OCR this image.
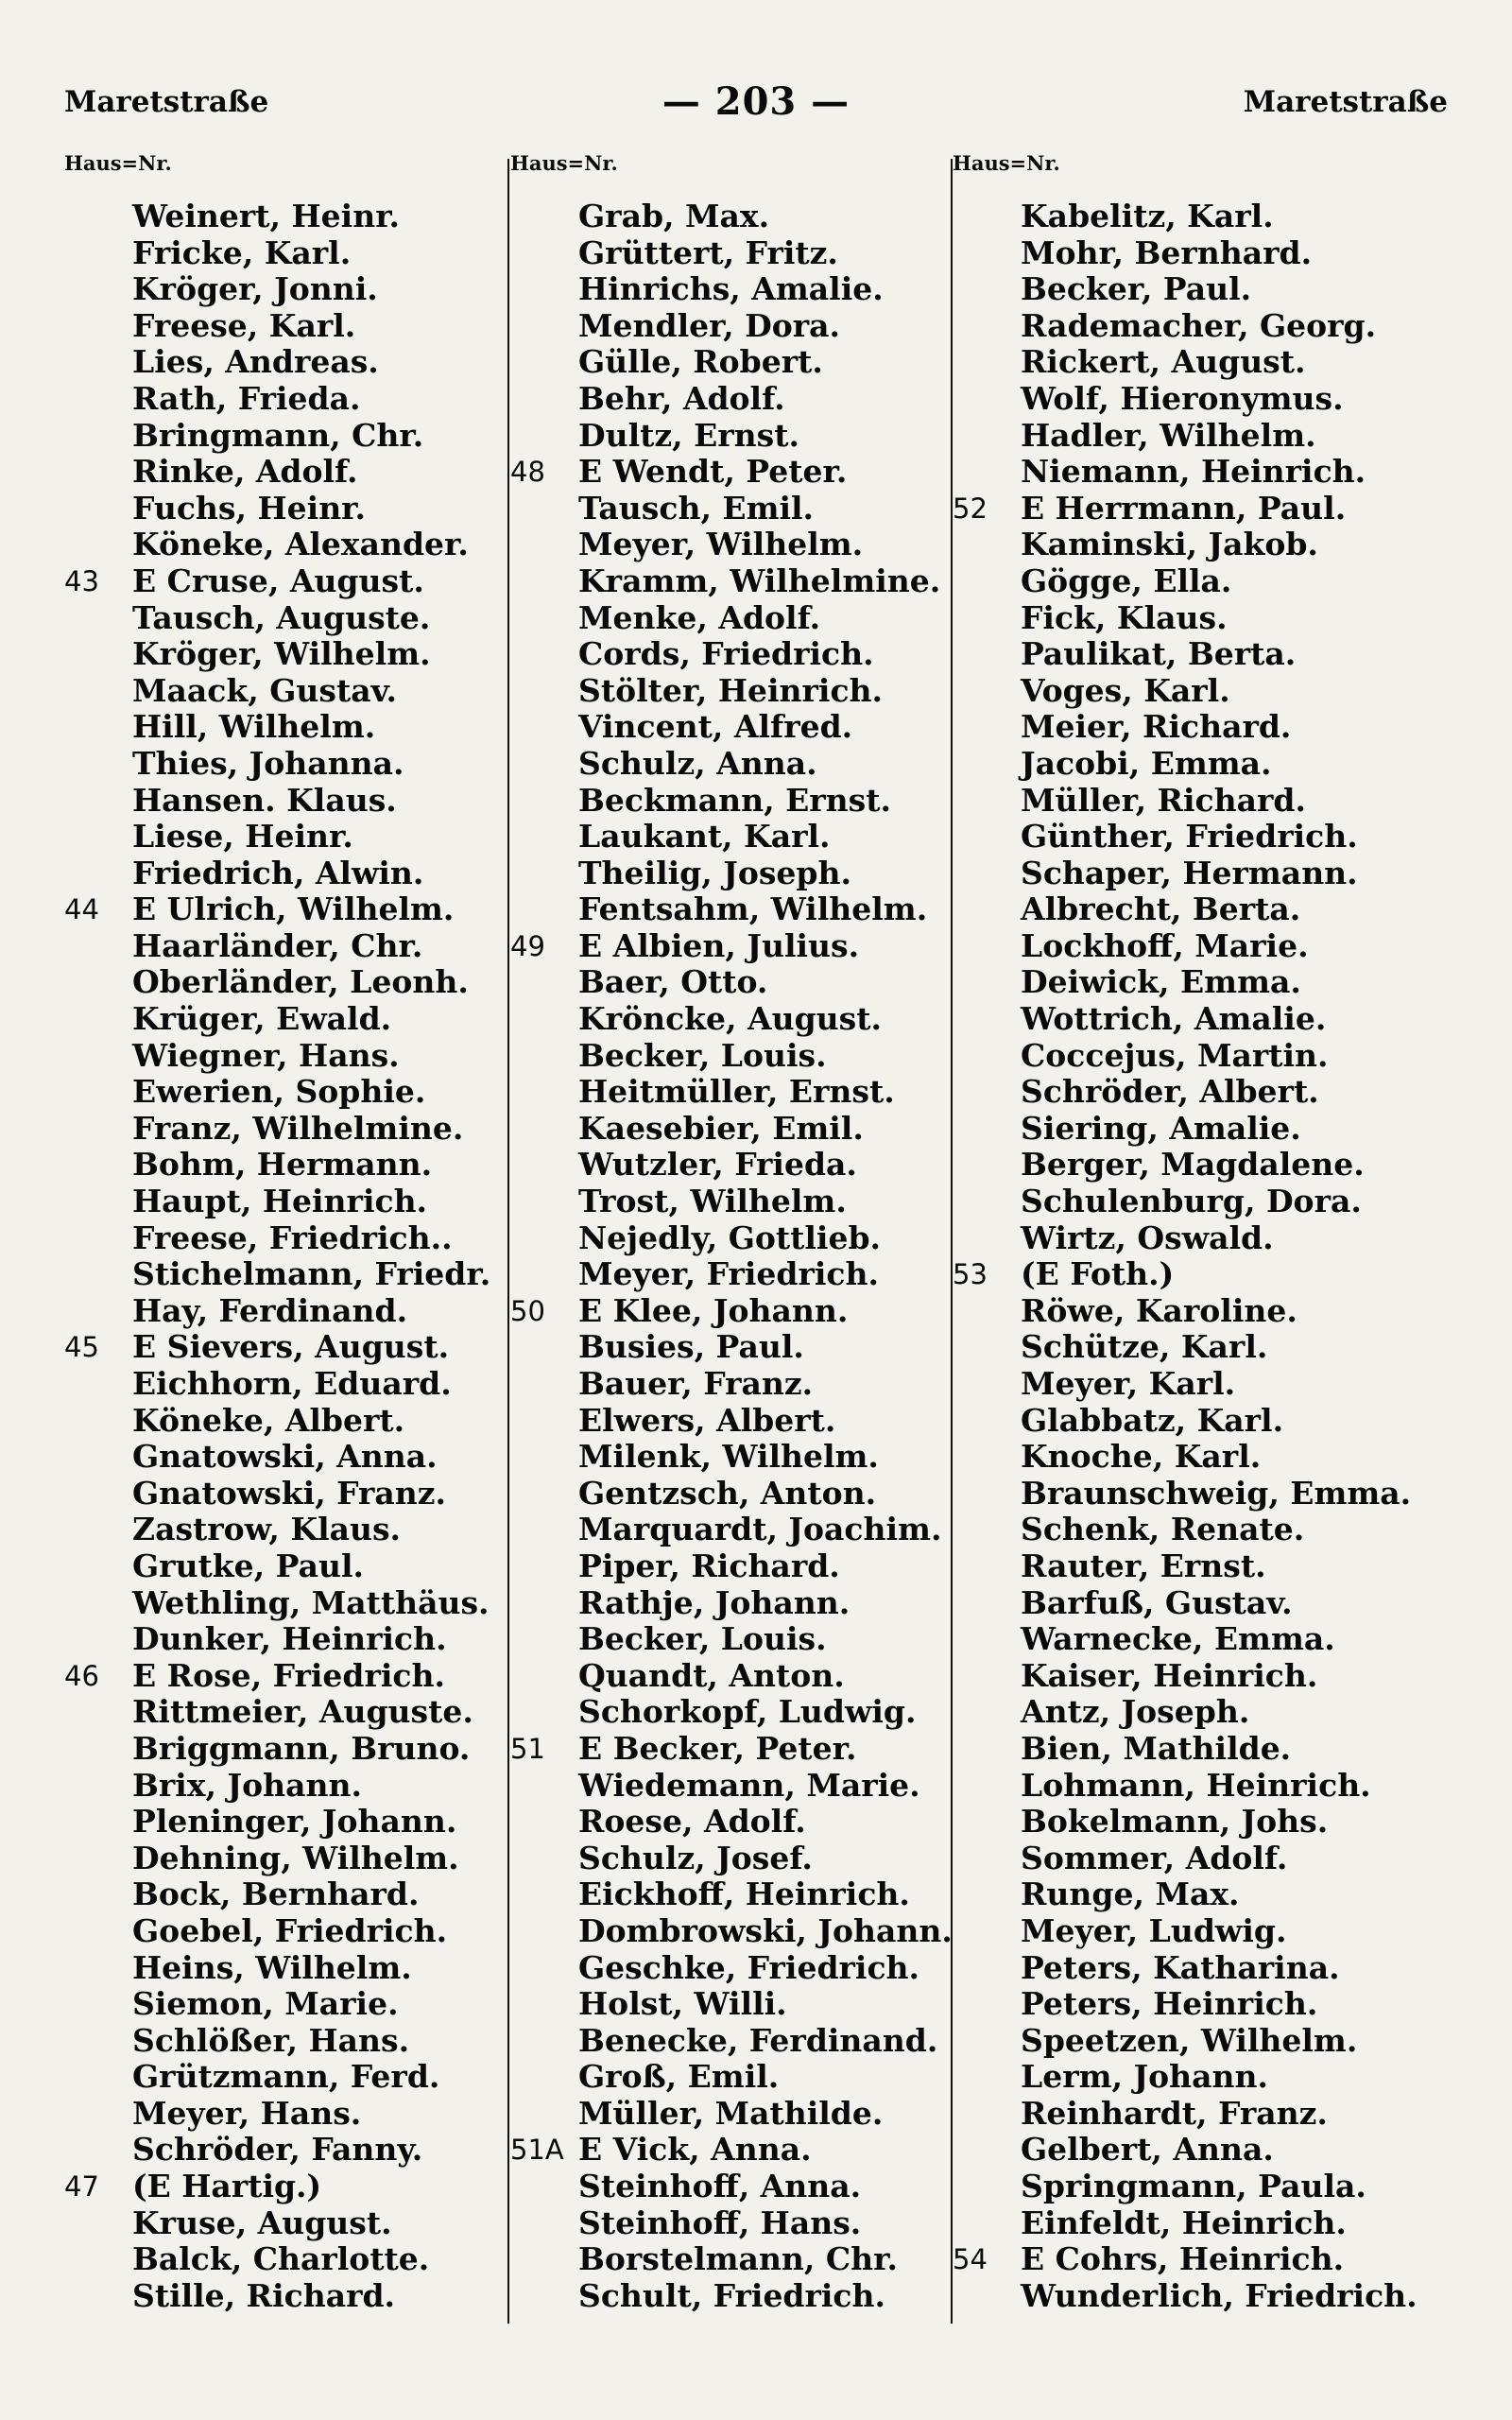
Maretstraße	— 203 —	Maretstraße
Haus=Nr.
Weinert, Heinr.
Fricke, Karl.
Kröger, Jonni.
Freese, Karl.
Lies, Andreas.
Rath, Frieda.
Bringmann, Chr.
Rinke, Adolf.
Fuchs, Heinr.
Köneke, Alexander.
43	E Cruse, August.
Tausch, Auguste.
Kröger, Wilhelm.
Maack, Gustav.
Hill, Wilhelm.
Thies, Johanna.
Hansen. Klaus.
Liese, Heinr.
Friedrich, Alwin.
44	E Ulrich, Wilhelm.
Haarländer, Chr.
Oberländer, Leonh.
Krüger, Ewald.
Wiegner, Hans.
Ewerien, Sophie.
Franz, Wilhelmine.
Bohm, Hermann.
Haupt, Heinrich.
Freese, Friedrich..
Stichelmann, Friedr.
Hay, Ferdinand.
45	E Sievers, August.
Eichhorn, Eduard.
Köneke, Albert.
Gnatowski, Anna.
Gnatowski, Franz.
Zastrow, Klaus.
Grutke, Paul.
Wethling, Matthäus.
Dunker, Heinrich.
46	E Rose, Friedrich.
Rittmeier, Auguste.
Briggmann, Bruno.
Brix, Johann.
Pleninger, Johann.
Dehning, Wilhelm.
Bock, Bernhard.
Goebel, Friedrich.
Heins, Wilhelm.
Siemon, Marie.
Schlößer, Hans.
Grützmann, Ferd.
Meyer, Hans.
Schröder, Fanny.
47	(E Hartig.)
Kruse, August.
Balck, Charlotte.
Stille, Richard.
Haus=Nr.
Grab, Max.
Grüttert, Fritz.
Hinrichs, Amalie.
Mendler, Dora.
Gülle, Robert.
Behr, Adolf.
Dultz, Ernst.
48	E Wendt, Peter.
Tausch, Emil.
Meyer, Wilhelm.
Kramm, Wilhelmine.
Menke, Adolf.
Cords, Friedrich.
Stölter, Heinrich.
Vincent, Alfred.
Schulz, Anna.
Beckmann, Ernst.
Laukant, Karl.
Theilig, Joseph.
Fentsahm, Wilhelm.
49	E Albien, Julius.
Baer, Otto.
Kröncke, August.
Becker, Louis.
Heitmüller, Ernst.
Kaesebier, Emil.
Wutzler, Frieda.
Trost, Wilhelm.
Nejedly, Gottlieb.
Meyer, Friedrich.
50	E Klee, Johann.
Busies, Paul.
Bauer, Franz.
Elwers, Albert.
Milenk, Wilhelm.
Gentzsch, Anton.
Marquardt, Joachim.
Piper, Richard.
Rathje, Johann.
Becker, Louis.
Quandt, Anton.
Schorkopf, Ludwig.
51	E Becker, Peter.
Wiedemann, Marie.
Roese, Adolf.
Schulz, Josef.
Eickhoff, Heinrich.
Dombrowski, Johann.
Geschke, Friedrich.
Holst, Willi.
Benecke, Ferdinand.
Groß, Emil.
Müller, Mathilde.
51A E Vick, Anna.
Steinhoff, Anna.
Steinhoff, Hans.
Borstelmann, Chr.
Schult, Friedrich.
Haus=Nr.
Kabelitz, Karl.
Mohr, Bernhard.
Becker, Paul.
Rademacher, Georg.
Rickert, August.
Wolf, Hieronymus.
Hadler, Wilhelm.
Niemann, Heinrich.
52	E Herrmann, Paul.
Kaminski, Jakob.
Gögge, Ella.
Fick, Klaus.
Paulikat, Berta.
Voges, Karl.
Meier, Richard.
Jacobi, Emma.
Müller, Richard.
Günther, Friedrich.
Schaper, Hermann.
Albrecht, Berta.
Lockhoff, Marie.
Deiwick, Emma.
Wottrich, Amalie.
Coccejus, Martin.
Schröder, Albert.
Siering, Amalie.
Berger, Magdalene.
Schulenburg, Dora.
Wirtz, Oswald.
53	(E Foth.)
Röwe, Karoline.
Schütze, Karl.
Meyer, Karl.
Glabbatz, Karl.
Knoche, Karl.
Braunschweig, Emma.
Schenk, Renate.
Rauter, Ernst.
Barfuß, Gustav.
Warnecke, Emma.
Kaiser, Heinrich.
Antz, Joseph.
Bien, Mathilde.
Lohmann, Heinrich.
Bokelmann, Johs.
Sommer, Adolf.
Runge, Max.
Meyer, Ludwig.
Peters, Katharina.
Peters, Heinrich.
Speetzen, Wilhelm.
Lerm, Johann.
Reinhardt, Franz.
Gelbert, Anna.
Springmann, Paula.
Einfeldt, Heinrich.
54	E Cohrs, Heinrich.
Wunderlich, Friedrich.
